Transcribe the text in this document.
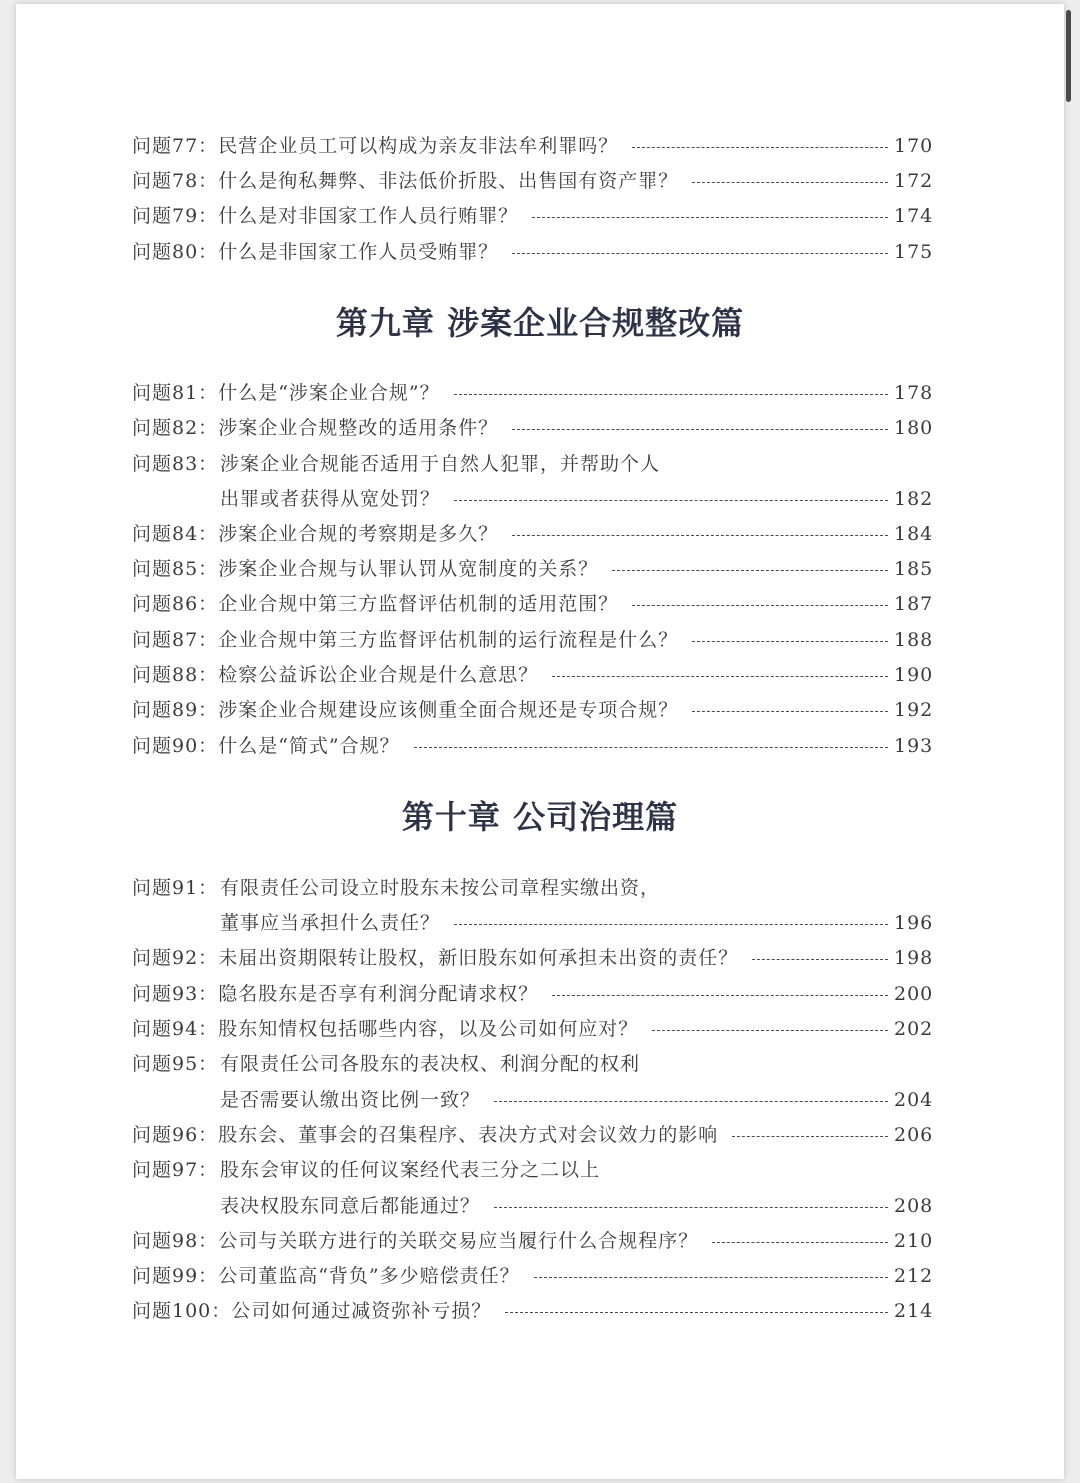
问题77： 民营企业员工可以构成为亲友非法牟利罪吗？	170
问题78： 什么是徇私舞弊、非法低价折股、出售国有资产罪？	172
问题79： 什么是对非国家工作人员行贿罪？	174
问题80： 什么是非国家工作人员受贿罪？	175
第九章 涉案企业合规整改篇
问题81： 什么是“涉案企业合规”？	178
问题82： 涉案企业合规整改的适用条件？	180
问题83： 涉案企业合规能否适用于自然人犯罪，并帮助个人
出罪或者获得从宽处罚？	182
问题84： 涉案企业合规的考察期是多久？	184
问题85： 涉案企业合规与认罪认罚从宽制度的关系？	185
问题86： 企业合规中第三方监督评估机制的适用范围？	187
问题87： 企业合规中第三方监督评估机制的运行流程是什么？	188
问题88： 检察公益诉讼企业合规是什么意思？	190
问题89： 涉案企业合规建设应该侧重全面合规还是专项合规？	192
问题90： 什么是“简式”合规？	193
第十章 公司治理篇
问题91： 有限责任公司设立时股东未按公司章程实缴出资，
董事应当承担什么责任？	196
问题92： 未届出资期限转让股权，新旧股东如何承担未出资的责任？	198
问题93： 隐名股东是否享有利润分配请求权？	200
问题94： 股东知情权包括哪些内容，以及公司如何应对？	202
问题95： 有限责任公司各股东的表决权、利润分配的权利
是否需要认缴出资比例一致？	204
问题96： 股东会、董事会的召集程序、表决方式对会议效力的影响	206
问题97： 股东会审议的任何议案经代表三分之二以上
表决权股东同意后都能通过？	208
问题98： 公司与关联方进行的关联交易应当履行什么合规程序？	210
问题99： 公司董监高“背负”多少赔偿责任？	212
问题100： 公司如何通过减资弥补亏损？	214
